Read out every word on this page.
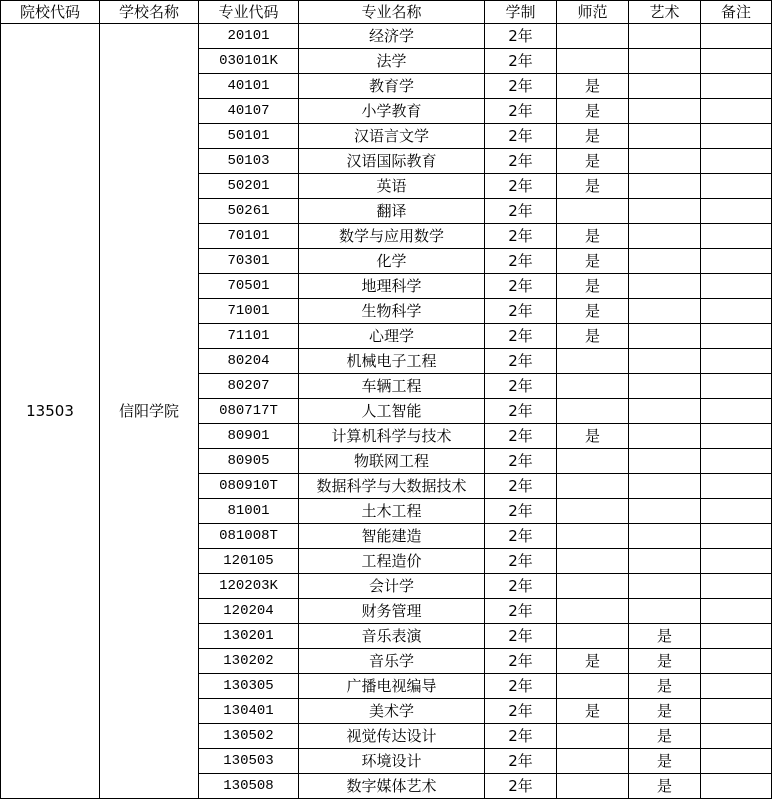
院校代码	学校名称	专业代码	专业名称	学制	师范	艺术	备注
13503	信阳学院	20101	经济学	2年			
		030101K	法学	2年			
		40101	教育学	2年	是		
		40107	小学教育	2年	是		
		50101	汉语言文学	2年	是		
		50103	汉语国际教育	2年	是		
		50201	英语	2年	是		
		50261	翻译	2年			
		70101	数学与应用数学	2年	是		
		70301	化学	2年	是		
		70501	地理科学	2年	是		
		71001	生物科学	2年	是		
		71101	心理学	2年	是		
		80204	机械电子工程	2年			
		80207	车辆工程	2年			
		080717T	人工智能	2年			
		80901	计算机科学与技术	2年	是		
		80905	物联网工程	2年			
		080910T	数据科学与大数据技术	2年			
		81001	土木工程	2年			
		081008T	智能建造	2年			
		120105	工程造价	2年			
		120203K	会计学	2年			
		120204	财务管理	2年			
		130201	音乐表演	2年		是	
		130202	音乐学	2年	是	是	
		130305	广播电视编导	2年		是	
		130401	美术学	2年	是	是	
		130502	视觉传达设计	2年		是	
		130503	环境设计	2年		是	
		130508	数字媒体艺术	2年		是	
